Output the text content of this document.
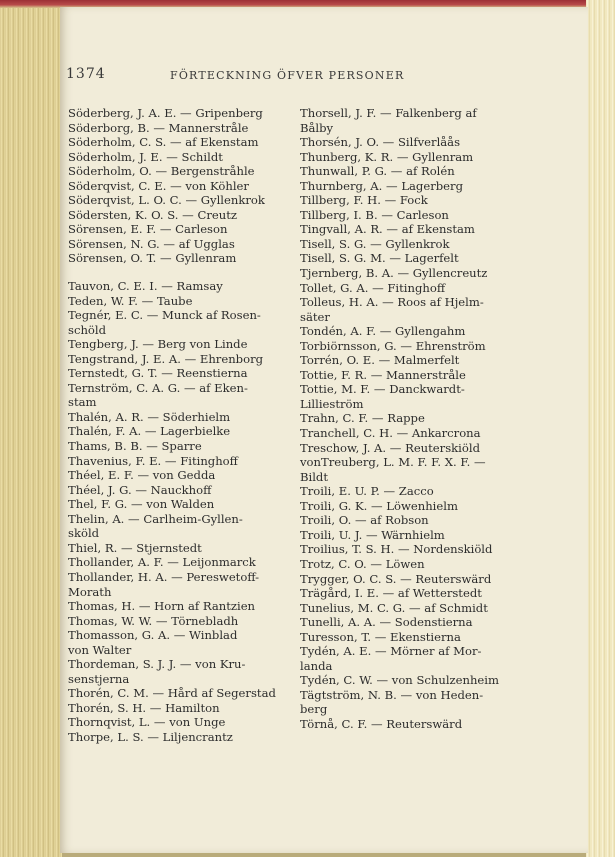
1374	FÖRTECKNING ÖFVER PERSONER
Söderberg, J. A. E. — Gripenberg
Söderborg, B. — Mannerstråle
Söderholm, C. S. — af Ekenstam
Söderholm, J. E. — Schildt
Söderholm, O. — Bergenstråhle
Söderqvist, C. E. — von Köhler
Söderqvist, L. O. C. — Gyllenkrok
Södersten, K. O. S. — Creutz
Sörensen, E. F. — Carleson
Sörensen, N. G. — af Ugglas
Sörensen, O. T. — Gyllenram
Tauvon, C. E. I. — Ramsay
Teden, W. F. — Taube
Tegnér, E. C. — Munck af Rosen-
schöld
Tengberg, J. — Berg von Linde
Tengstrand, J. E. A. — Ehrenborg
Ternstedt, G. T. — Reenstierna
Ternström, C. A. G. — af Eken-
stam
Thalén, A. R. — Söderhielm
Thalén, F. A. — Lagerbielke
Thams, B. B. — Sparre
Thavenius, F. E. — Fitinghoff
Théel, E. F. — von Gedda
Théel, J. G. — Nauckhoff
Thel, F. G. — von Walden
Thelin, A. — Carlheim-Gyllen-
sköld
Thiel, R. — Stjernstedt
Thollander, A. F. — Leijonmarck
Thollander, H. A. — Pereswetoff-
Morath
Thomas, H. — Horn af Rantzien
Thomas, W. W. — Törnebladh
Thomasson, G. A. — Winblad
von Walter
Thordeman, S. J. J. — von Kru-
senstjerna
Thorén, C. M. — Hård af Segerstad
Thorén, S. H. — Hamilton
Thornqvist, L. — von Unge
Thorpe, L. S. — Liljencrantz
Thorsell, J. F. — Falkenberg af
Bålby
Thorsén, J. O. — Silfverlåås
Thunberg, K. R. — Gyllenram
Thunwall, P. G. — af Rolén
Thurnberg, A. — Lagerberg
Tillberg, F. H. — Fock
Tillberg, I. B. — Carleson
Tingvall, A. R. — af Ekenstam
Tisell, S. G. — Gyllenkrok
Tisell, S. G. M. — Lagerfelt
Tjernberg, B. A. — Gyllencreutz
Tollet, G. A. — Fitinghoff
Tolleus, H. A. — Roos af Hjelm-
säter
Tondén, A. F. — Gyllengahm
Torbiörnsson, G. — Ehrenström
Torrén, O. E. — Malmerfelt
Tottie, F. R. — Mannerstråle
Tottie, M. F. — Danckwardt-
Lillieström
Trahn, C. F. — Rappe
Tranchell, C. H. — Ankarcrona
Treschow, J. A. — Reuterskiöld
vonTreuberg, L. M. F. F. X. F. —
Bildt
Troili, E. U. P. — Zacco
Troili, G. K. — Löwenhielm
Troili, O. — af Robson
Troili, U. J. — Wärnhielm
Troilius, T. S. H. — Nordenskiöld
Trotz, C. O. — Löwen
Trygger, O. C. S. — Reuterswärd
Trägård, I. E. — af Wetterstedt
Tunelius, M. C. G. — af Schmidt
Tunelli, A. A. — Sodenstierna
Turesson, T. — Ekenstierna
Tydén, A. E. — Mörner af Mor-
landa
Tydén, C. W. — von Schulzenheim
Tägtström, N. B. — von Heden-
berg
Törnå, C. F. — Reuterswärd
